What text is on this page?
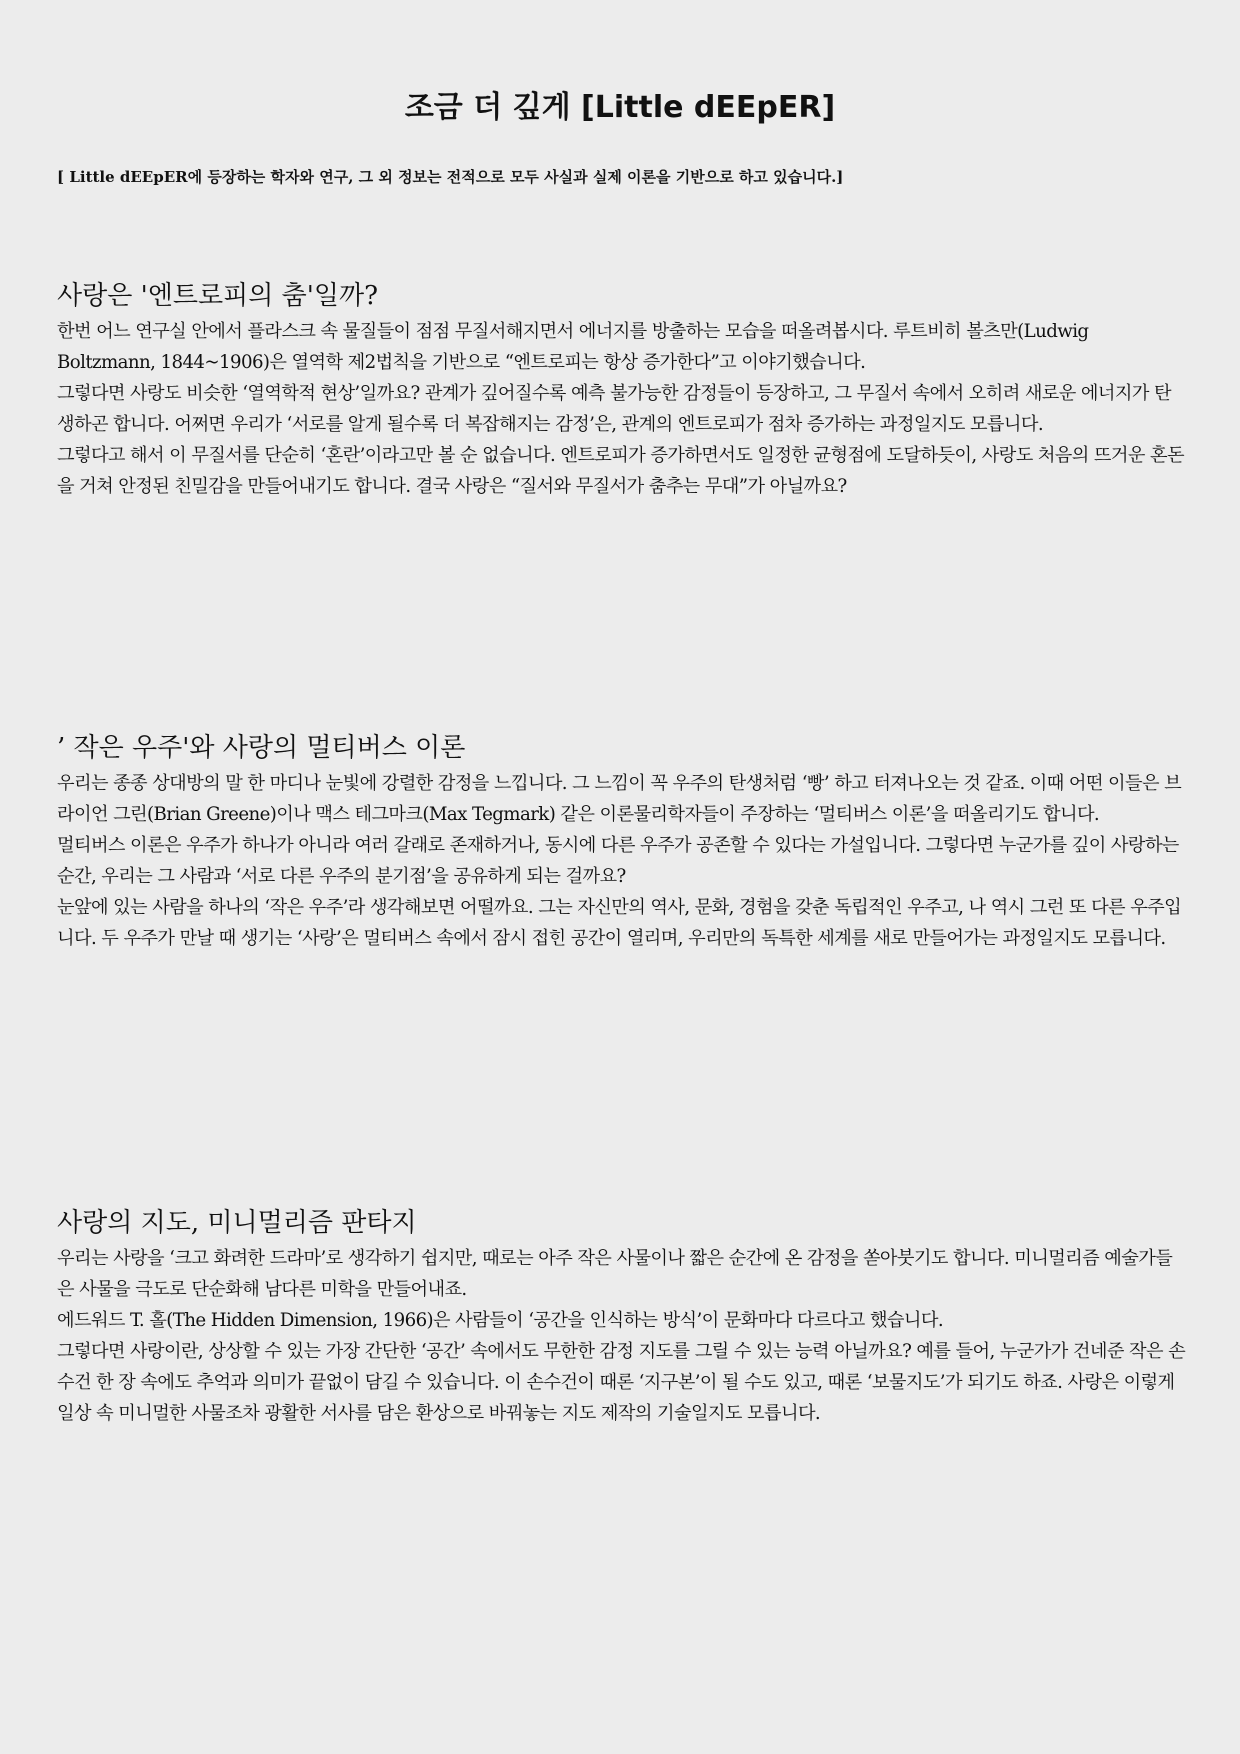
조금 더 깊게 [Little dEEpER]

[ Little dEEpER에 등장하는 학자와 연구, 그 외 정보는 전적으로 모두 사실과 실제 이론을 기반으로 하고 있습니다.]

사랑은 '엔트로피의 춤'일까?

한번 어느 연구실 안에서 플라스크 속 물질들이 점점 무질서해지면서 에너지를 방출하는 모습을 떠올려봅시다. 루트비히 볼츠만(Ludwig Boltzmann, 1844~1906)은 열역학 제2법칙을 기반으로 “엔트로피는 항상 증가한다”고 이야기했습니다.

그렇다면 사랑도 비슷한 ‘열역학적 현상’일까요? 관계가 깊어질수록 예측 불가능한 감정들이 등장하고, 그 무질서 속에서 오히려 새로운 에너지가 탄생하곤 합니다. 어쩌면 우리가 ‘서로를 알게 될수록 더 복잡해지는 감정’은, 관계의 엔트로피가 점차 증가하는 과정일지도 모릅니다.

그렇다고 해서 이 무질서를 단순히 ‘혼란’이라고만 볼 순 없습니다. 엔트로피가 증가하면서도 일정한 균형점에 도달하듯이, 사랑도 처음의 뜨거운 혼돈을 거쳐 안정된 친밀감을 만들어내기도 합니다. 결국 사랑은 “질서와 무질서가 춤추는 무대”가 아닐까요?

’ 작은 우주'와 사랑의 멀티버스 이론

우리는 종종 상대방의 말 한 마디나 눈빛에 강렬한 감정을 느낍니다. 그 느낌이 꼭 우주의 탄생처럼 ‘빵’ 하고 터져나오는 것 같죠. 이때 어떤 이들은 브라이언 그린(Brian Greene)이나 맥스 테그마크(Max Tegmark) 같은 이론물리학자들이 주장하는 ‘멀티버스 이론’을 떠올리기도 합니다.

멀티버스 이론은 우주가 하나가 아니라 여러 갈래로 존재하거나, 동시에 다른 우주가 공존할 수 있다는 가설입니다. 그렇다면 누군가를 깊이 사랑하는 순간, 우리는 그 사람과 ‘서로 다른 우주의 분기점’을 공유하게 되는 걸까요?

눈앞에 있는 사람을 하나의 ‘작은 우주’라 생각해보면 어떨까요. 그는 자신만의 역사, 문화, 경험을 갖춘 독립적인 우주고, 나 역시 그런 또 다른 우주입니다. 두 우주가 만날 때 생기는 ‘사랑’은 멀티버스 속에서 잠시 접힌 공간이 열리며, 우리만의 독특한 세계를 새로 만들어가는 과정일지도 모릅니다.

사랑의 지도, 미니멀리즘 판타지

우리는 사랑을 ‘크고 화려한 드라마’로 생각하기 쉽지만, 때로는 아주 작은 사물이나 짧은 순간에 온 감정을 쏟아붓기도 합니다. 미니멀리즘 예술가들은 사물을 극도로 단순화해 남다른 미학을 만들어내죠.

에드워드 T. 홀(The Hidden Dimension, 1966)은 사람들이 ‘공간을 인식하는 방식’이 문화마다 다르다고 했습니다.

그렇다면 사랑이란, 상상할 수 있는 가장 간단한 ‘공간’ 속에서도 무한한 감정 지도를 그릴 수 있는 능력 아닐까요? 예를 들어, 누군가가 건네준 작은 손수건 한 장 속에도 추억과 의미가 끝없이 담길 수 있습니다. 이 손수건이 때론 ‘지구본’이 될 수도 있고, 때론 ‘보물지도’가 되기도 하죠. 사랑은 이렇게 일상 속 미니멀한 사물조차 광활한 서사를 담은 환상으로 바꿔놓는 지도 제작의 기술일지도 모릅니다.
